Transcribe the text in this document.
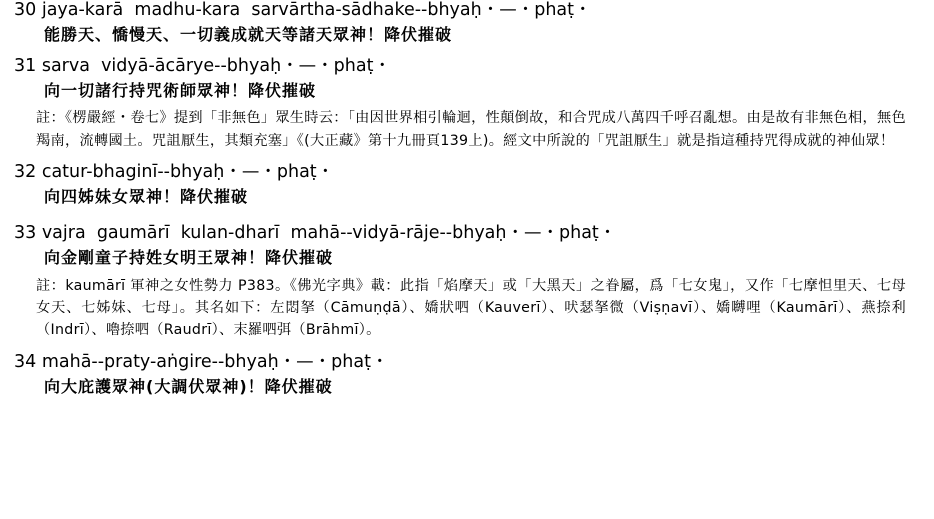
30 jaya-karā  madhu-kara  sarvārtha-sādhake--bhyaḥ・—・phaṭ・
能勝天、憍慢天、一切義成就天等諸天眾神！降伏摧破
31 sarva  vidyā-ācārye--bhyaḥ・—・phaṭ・
向一切諸行持咒術師眾神！降伏摧破
註：《楞嚴經・卷七》提到「非無色」眾生時云：「由因世界相引輪迴，性顛倒故，和合咒成八萬四千呼召亂想。由是故有非無色相，無色羯南，流轉國土。咒詛厭生，其類充塞」《(大正藏》第十九冊頁139上)。經文中所說的「咒詛厭生」就是指這種持咒得成就的神仙眾！
32 catur-bhaginī--bhyaḥ・—・phaṭ・
向四姊妹女眾神！降伏摧破
33 vajra  gaumārī  kulan-dharī  mahā--vidyā-rāje--bhyaḥ・—・phaṭ・
向金剛童子持姓女明王眾神！降伏摧破
註：kaumārī 軍神之女性勢力 P383。《佛光字典》載：此指「焰摩天」或「大黑天」之眷屬，爲「七女鬼」，又作「七摩怛里天、七母女天、七姊妹、七母」。其名如下：左悶拏（Cāmuṇḍā）、嬌狀呬（Kauverī）、吠瑟拏微（Viṣṇavī）、嬌嚩哩（Kaumārī）、燕捺利（Indrī）、嚕捺呬（Raudrī）、末羅呬弭（Brāhmī）。
34 mahā--praty-aṅgire--bhyaḥ・—・phaṭ・
向大庇護眾神(大調伏眾神)！降伏摧破
